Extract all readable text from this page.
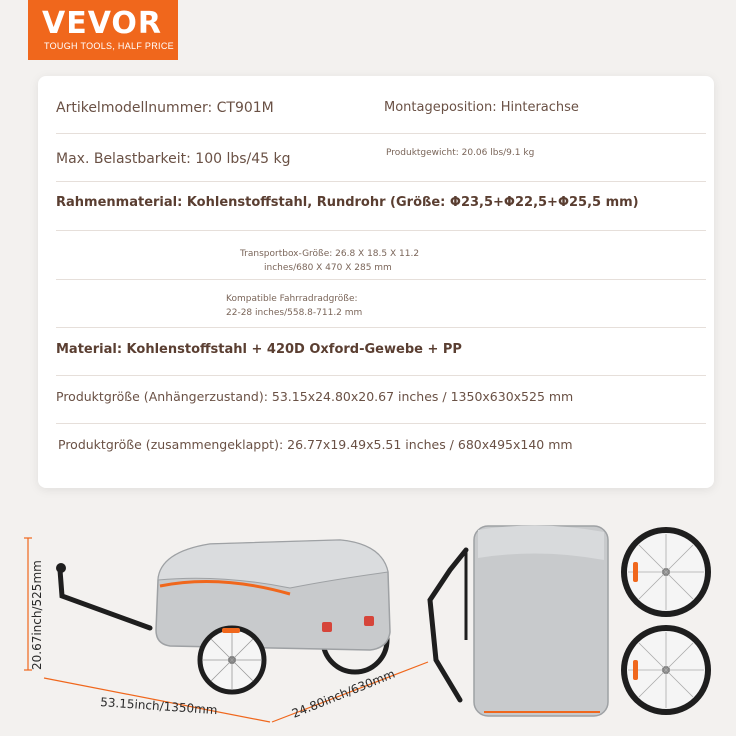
VEVOR
TOUGH TOOLS, HALF PRICE
Artikelmodellnummer: CT901M	Montageposition: Hinterachse
Max. Belastbarkeit: 100 lbs/45 kg	Produktgewicht: 20.06 lbs/9.1 kg
Rahmenmaterial: Kohlenstoffstahl, Rundrohr (Größe: Φ23,5+Φ22,5+Φ25,5 mm)
Transportbox-Größe: 26.8 X 18.5 X 11.2
inches/680 X 470 X 285 mm
Kompatible Fahrradradgröße:
22-28 inches/558.8-711.2 mm
Material: Kohlenstoffstahl + 420D Oxford-Gewebe + PP
Produktgröße (Anhängerzustand): 53.15x24.80x20.67 inches / 1350x630x525 mm
Produktgröße (zusammengeklappt): 26.77x19.49x5.51 inches / 680x495x140 mm
20.67inch/525mm
53.15inch/1350mm	24.80inch/630mm
